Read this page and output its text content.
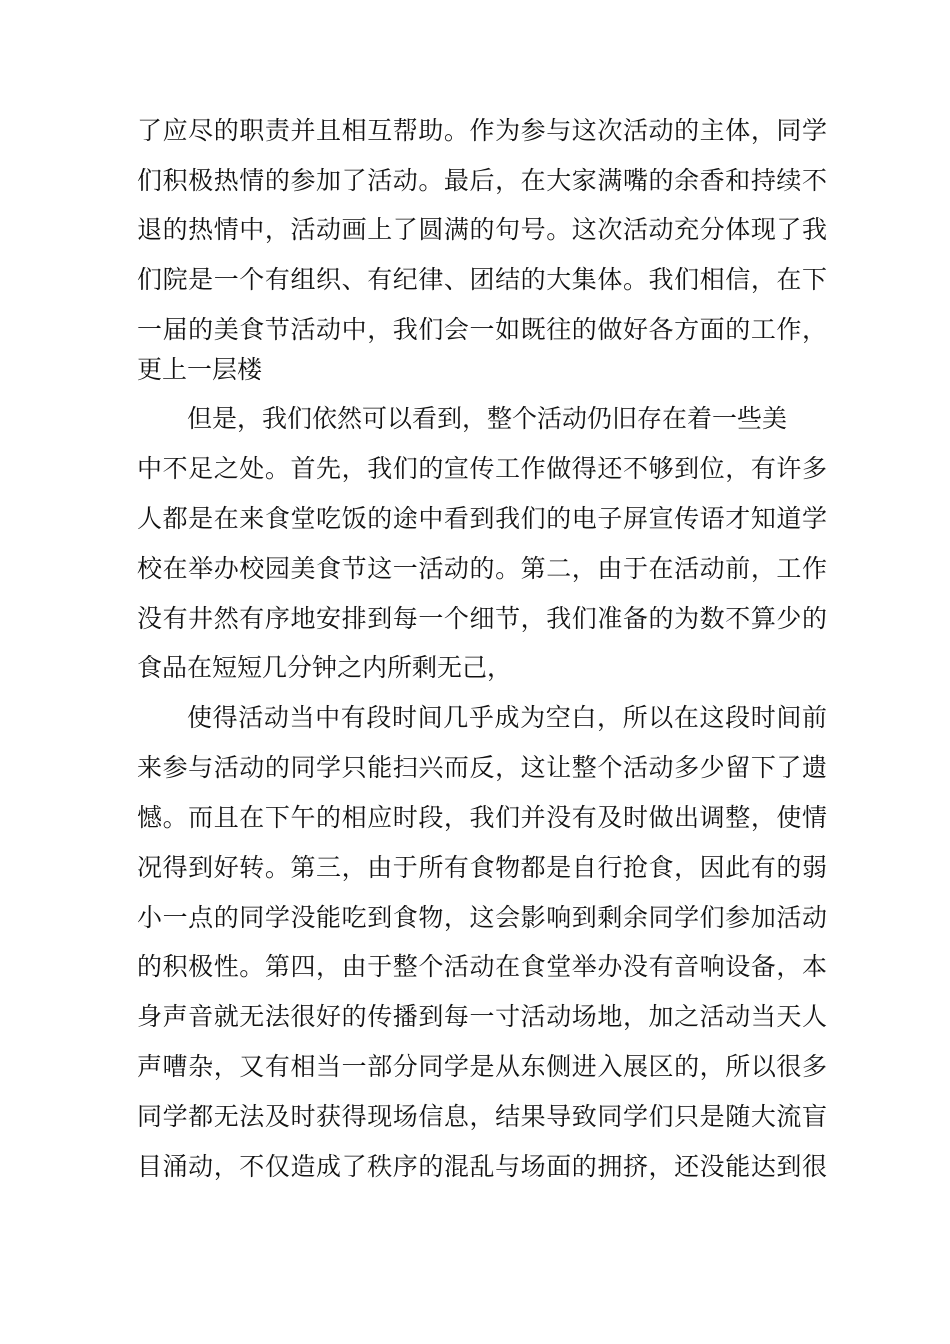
了应尽的职责并且相互帮助。作为参与这次活动的主体，同学
们积极热情的参加了活动。最后，在大家满嘴的余香和持续不
退的热情中，活动画上了圆满的句号。这次活动充分体现了我
们院是一个有组织、有纪律、团结的大集体。我们相信，在下
一届的美食节活动中，我们会一如既往的做好各方面的工作，
更上一层楼
但是，我们依然可以看到，整个活动仍旧存在着一些美
中不足之处。首先，我们的宣传工作做得还不够到位，有许多
人都是在来食堂吃饭的途中看到我们的电子屏宣传语才知道学
校在举办校园美食节这一活动的。第二，由于在活动前，工作
没有井然有序地安排到每一个细节，我们准备的为数不算少的
食品在短短几分钟之内所剩无己，
使得活动当中有段时间几乎成为空白，所以在这段时间前
来参与活动的同学只能扫兴而反，这让整个活动多少留下了遗
憾。而且在下午的相应时段，我们并没有及时做出调整，使情
况得到好转。第三，由于所有食物都是自行抢食，因此有的弱
小一点的同学没能吃到食物，这会影响到剩余同学们参加活动
的积极性。第四，由于整个活动在食堂举办没有音响设备，本
身声音就无法很好的传播到每一寸活动场地，加之活动当天人
声嘈杂，又有相当一部分同学是从东侧进入展区的，所以很多
同学都无法及时获得现场信息，结果导致同学们只是随大流盲
目涌动，不仅造成了秩序的混乱与场面的拥挤，还没能达到很
